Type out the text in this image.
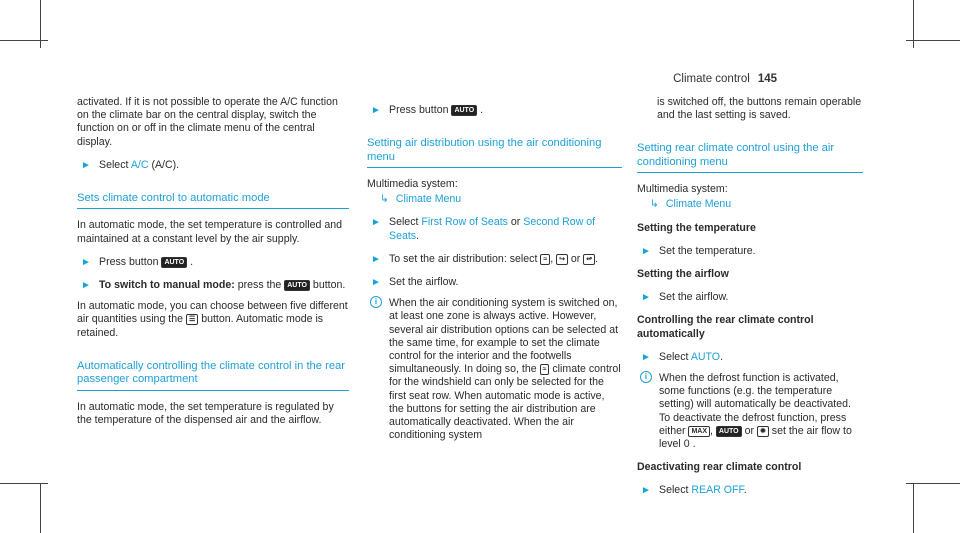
Climate control 145

activated. If it is not possible to operate the A/C function on the climate bar on the central display, switch the function on or off in the climate menu of the central display.

► Select A/C (A/C).
Sets climate control to automatic mode

In automatic mode, the set temperature is controlled and maintained at a constant level by the air supply.

► Press button AUTO .
► To switch to manual mode: press the AUTO button.

In automatic mode, you can choose between five different air quantities using the ☰ button. Automatic mode is retained.

Automatically controlling the climate control in the rear passenger compartment

In automatic mode, the set temperature is regulated by the temperature of the dispensed air and the airflow.

► Press button AUTO .
Setting air distribution using the air conditioning menu

Multimedia system:

↳ Climate Menu
► Select First Row of Seats or Second Row of Seats.
► To set the air distribution: select ≈ , ↪ or ↫ .
► Set the airflow.
i	When the air conditioning system is switched on, at least one zone is always active. However, several air distribution options can be selected at the same time, for example to set the climate control for the interior and the footwells simultaneously. In doing so, the ≈ climate control for the windshield can only be selected for the first seat row. When automatic mode is active, the buttons for setting the air distribution are automatically deactivated. When the air conditioning system

is switched off, the buttons remain operable and the last setting is saved.

Setting rear climate control using the air conditioning menu

Multimedia system:

↳ Climate Menu
Setting the temperature
► Set the temperature.
Setting the airflow
► Set the airflow.
Controlling the rear climate control automatically
► Select AUTO.
i	When the defrost function is activated, some functions (e.g. the temperature setting) will automatically be deactivated. To deactivate the defrost function, press either MAX , AUTO or ✹ set the air flow to level 0 .
Deactivating rear climate control
► Select REAR OFF.
